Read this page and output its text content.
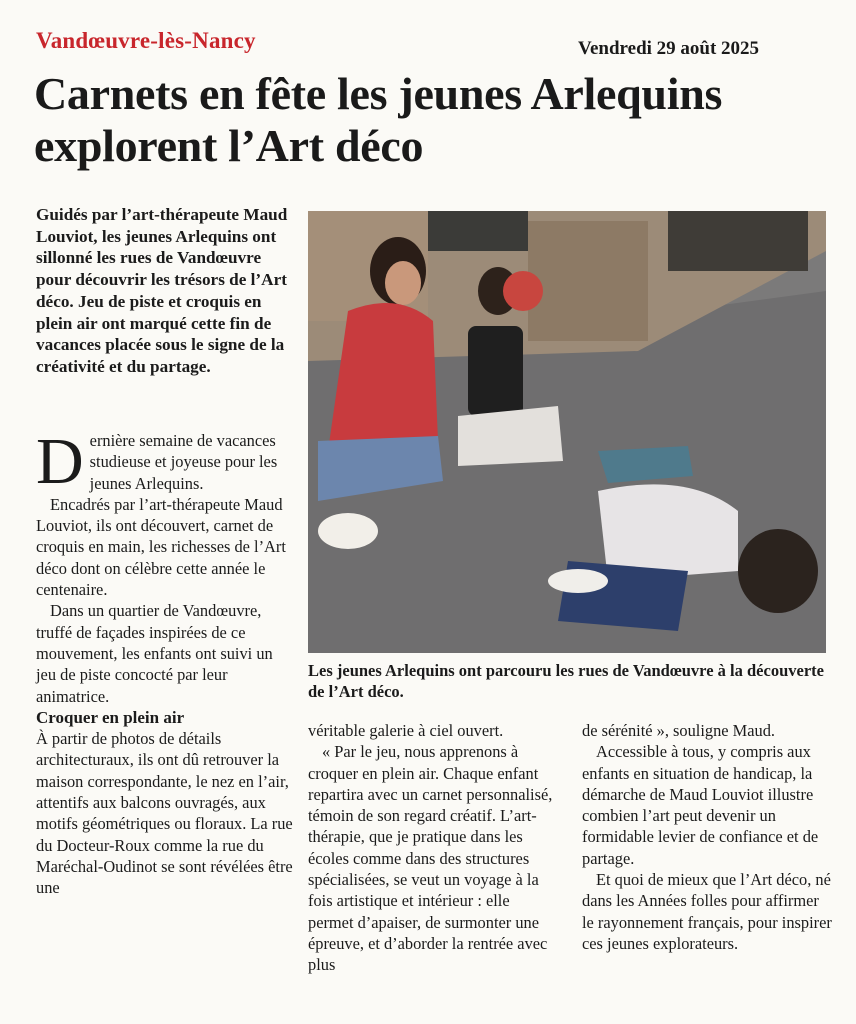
Vandœuvre-lès-Nancy	Vendredi 29 août 2025
Carnets en fête les jeunes Arlequins explorent l’Art déco

Guidés par l’art-thérapeute Maud Louviot, les jeunes Arlequins ont sillonné les rues de Vandœuvre pour découvrir les trésors de l’Art déco. Jeu de piste et croquis en plein air ont marqué cette fin de vacances placée sous le signe de la créativité et du partage.

Dernière semaine de vacances studieuse et joyeuse pour les jeunes Arlequins.

Encadrés par l’art-thérapeute Maud Louviot, ils ont découvert, carnet de croquis en main, les richesses de l’Art déco dont on célèbre cette année le centenaire.

Dans un quartier de Vandœuvre, truffé de façades inspirées de ce mouvement, les enfants ont suivi un jeu de piste concocté par leur animatrice.

Croquer en plein air

À partir de photos de détails architecturaux, ils ont dû retrouver la maison correspondante, le nez en l’air, attentifs aux balcons ouvragés, aux motifs géométriques ou floraux. La rue du Docteur-Roux comme la rue du Maréchal-Oudinot se sont révélées être une

Les jeunes Arlequins ont parcouru les rues de Vandœuvre à la découverte de l’Art déco.

véritable galerie à ciel ouvert.

« Par le jeu, nous apprenons à croquer en plein air. Chaque enfant repartira avec un carnet personnalisé, témoin de son regard créatif. L’art-thérapie, que je pratique dans les écoles comme dans des structures spécialisées, se veut un voyage à la fois artistique et intérieur : elle permet d’apaiser, de surmonter une épreuve, et d’aborder la rentrée avec plus

de sérénité », souligne Maud.

Accessible à tous, y compris aux enfants en situation de handicap, la démarche de Maud Louviot illustre combien l’art peut devenir un formidable levier de confiance et de partage.

Et quoi de mieux que l’Art déco, né dans les Années folles pour affirmer le rayonnement français, pour inspirer ces jeunes explorateurs.
